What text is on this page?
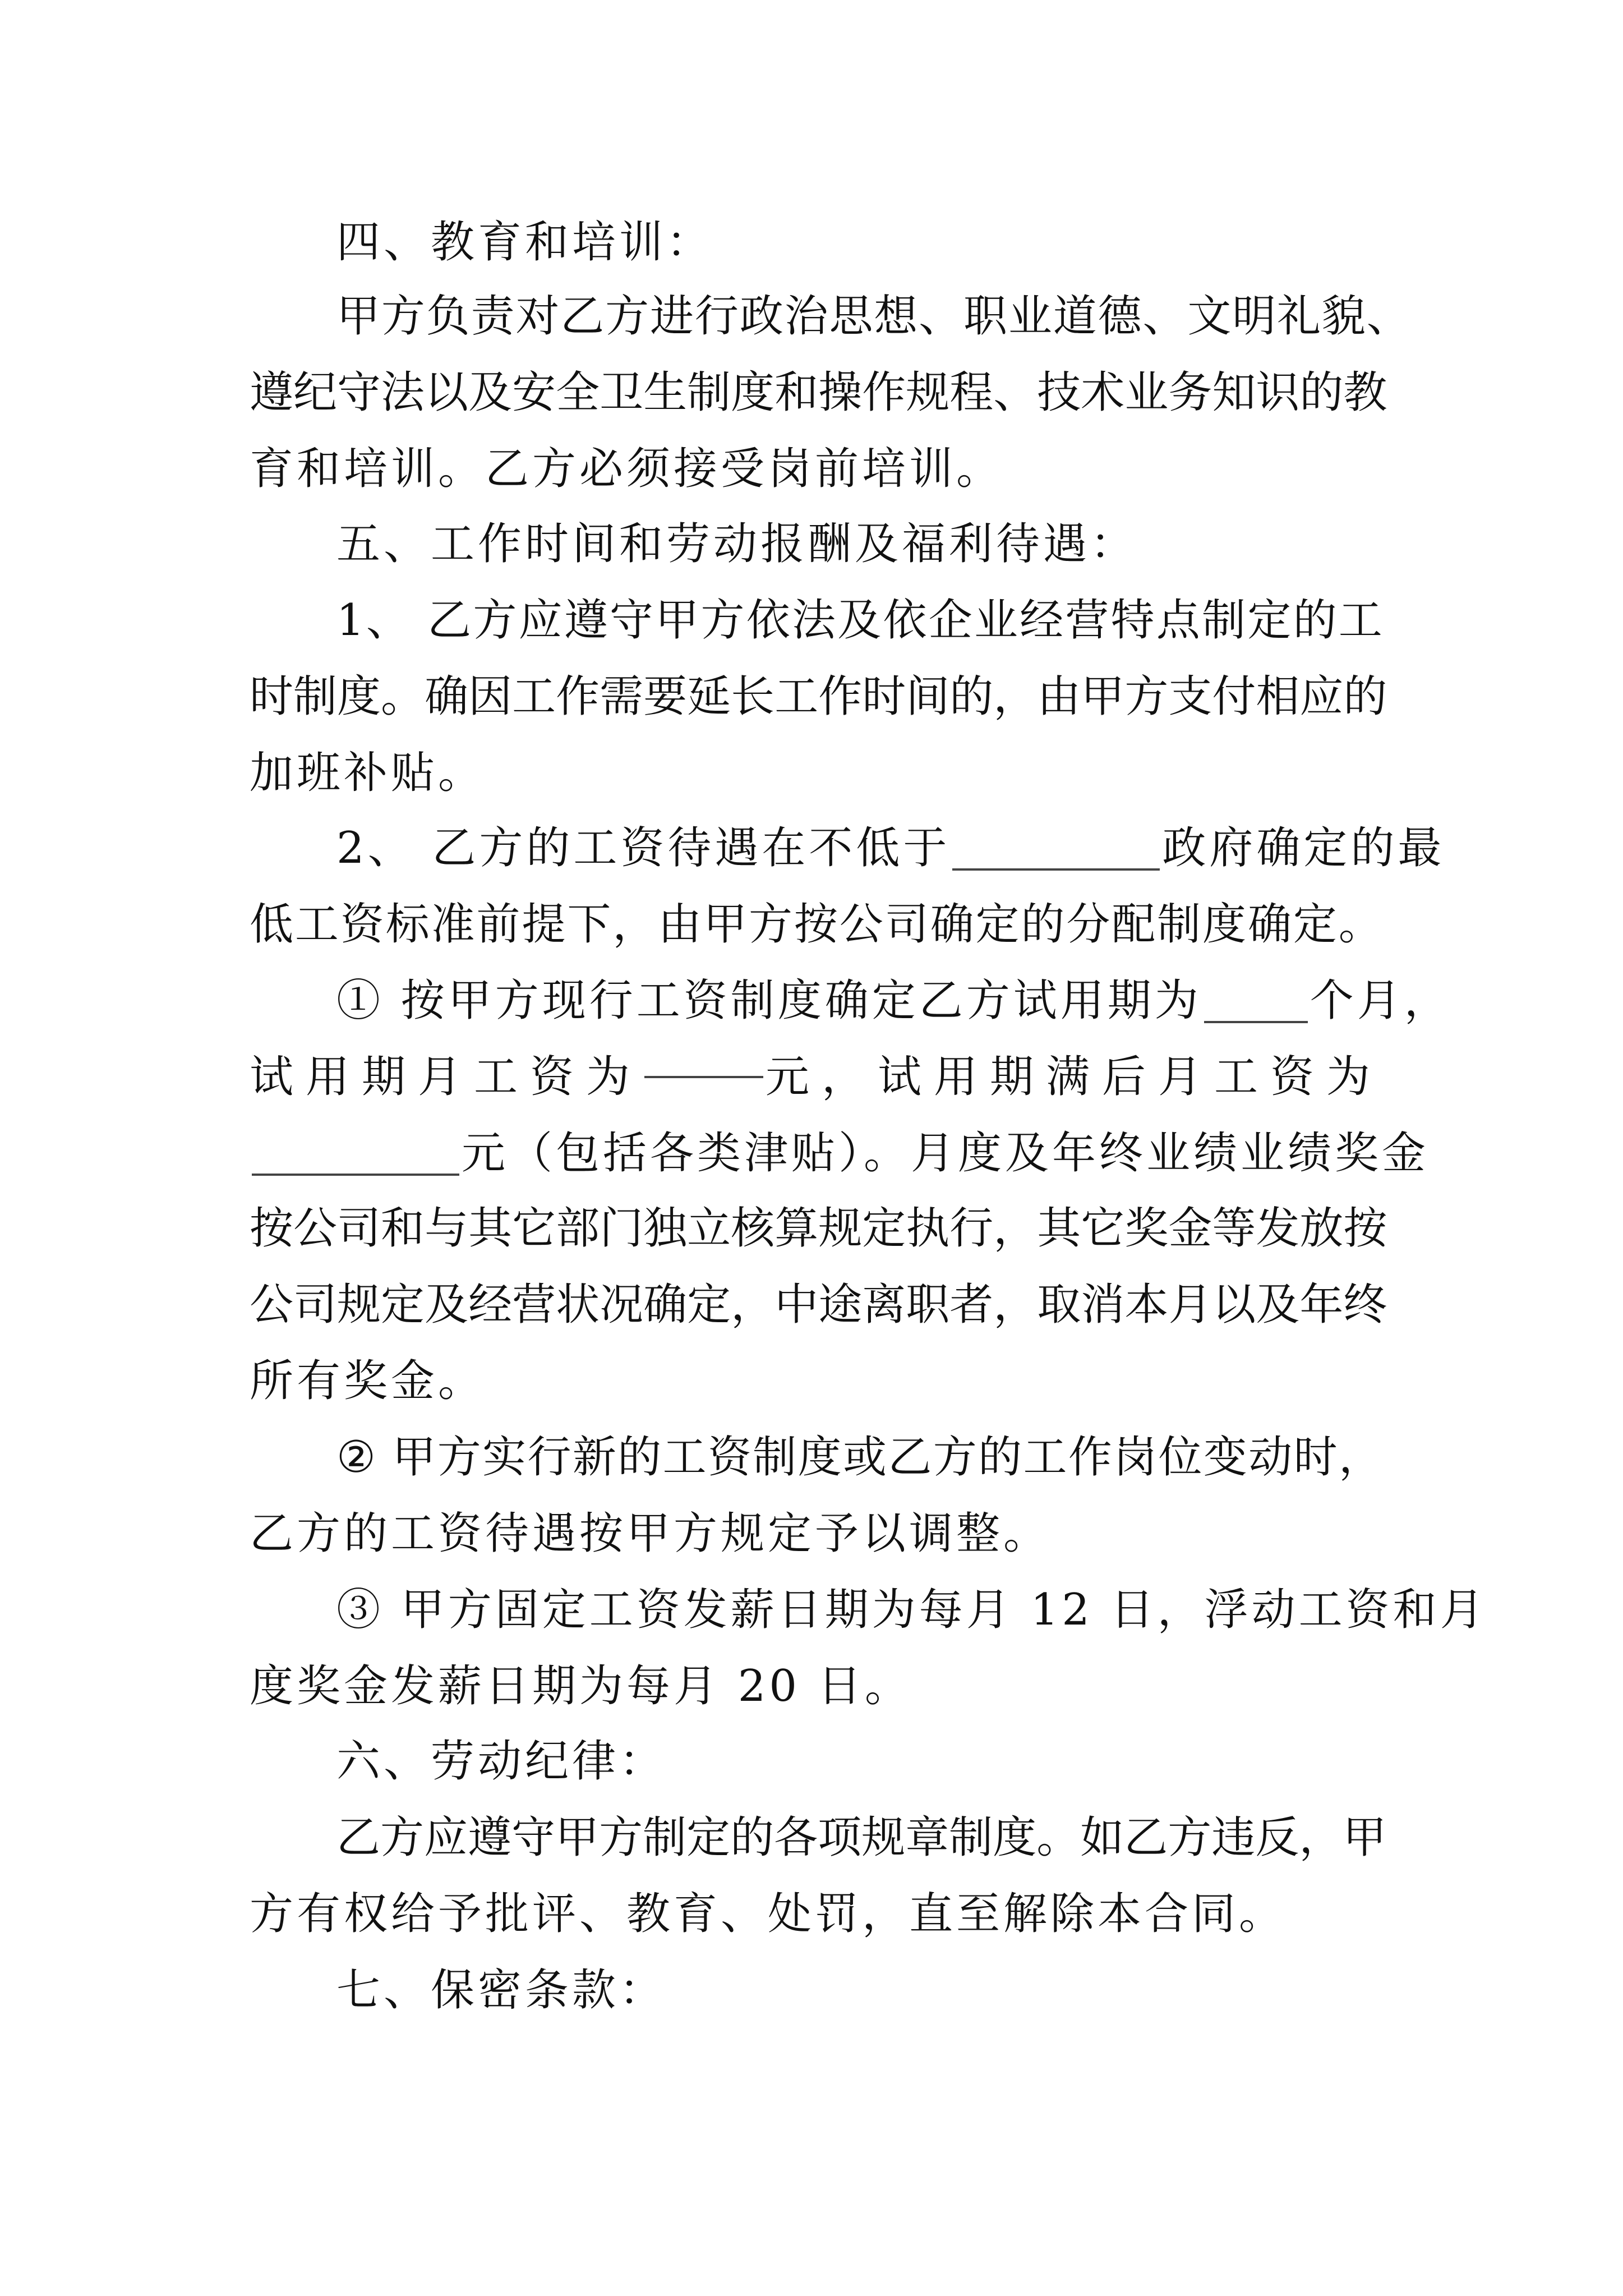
四、教育和培训：
甲 方 负 责 对 乙 方 进 行 政 治 思 想 、 职 业 道 德 、 文 明 礼 貌 、
遵 纪 守 法 以 及 安 全 卫 生 制 度 和 操 作 规 程 、 技 术 业 务 知 识 的 教
育和培训。乙方必须接受岗前培训。
五、工作时间和劳动报酬及福利待遇：
1 、
乙 方 应 遵 守 甲 方 依 法 及 依 企 业 经 营 特 点 制 定 的 工
时 制 度 。 确 因 工 作 需 要 延 长 工 作 时 间 的 ， 由 甲 方 支 付 相 应 的
加班补贴。
2、 乙方的工资待遇在不低于	政府确定的最
低 工 资 标 准 前 提 下 ， 由 甲 方 按 公 司 确 定 的 分 配 制 度 确 定 。
① 按甲方现行工资制度确定乙方试用期为 个月，
试用期月工资为	元，试用期满后月工资为
元（包括各类津贴）。月度及年终业绩业绩奖金
按 公 司 和 与 其 它 部 门 独 立 核 算 规 定 执 行 ， 其 它 奖 金 等 发 放 按
公 司 规 定 及 经 营 状 况 确 定 ， 中 途 离 职 者 ， 取 消 本 月 以 及 年 终
所有奖金。
②
甲 方 实 行 新 的 工 资 制 度 或 乙 方 的 工 作 岗 位 变 动 时 ，
乙方的工资待遇按甲方规定予以调整。
③ 甲方固定工资发薪日期为每月 12 日，浮动工资和月
度奖金发薪日期为每月 20 日。
六、劳动纪律：
乙 方 应 遵 守 甲 方 制 定 的 各 项 规 章 制 度 。 如 乙 方 违 反 ， 甲
方有权给予批评、教育、处罚，直至解除本合同。
七、保密条款：
